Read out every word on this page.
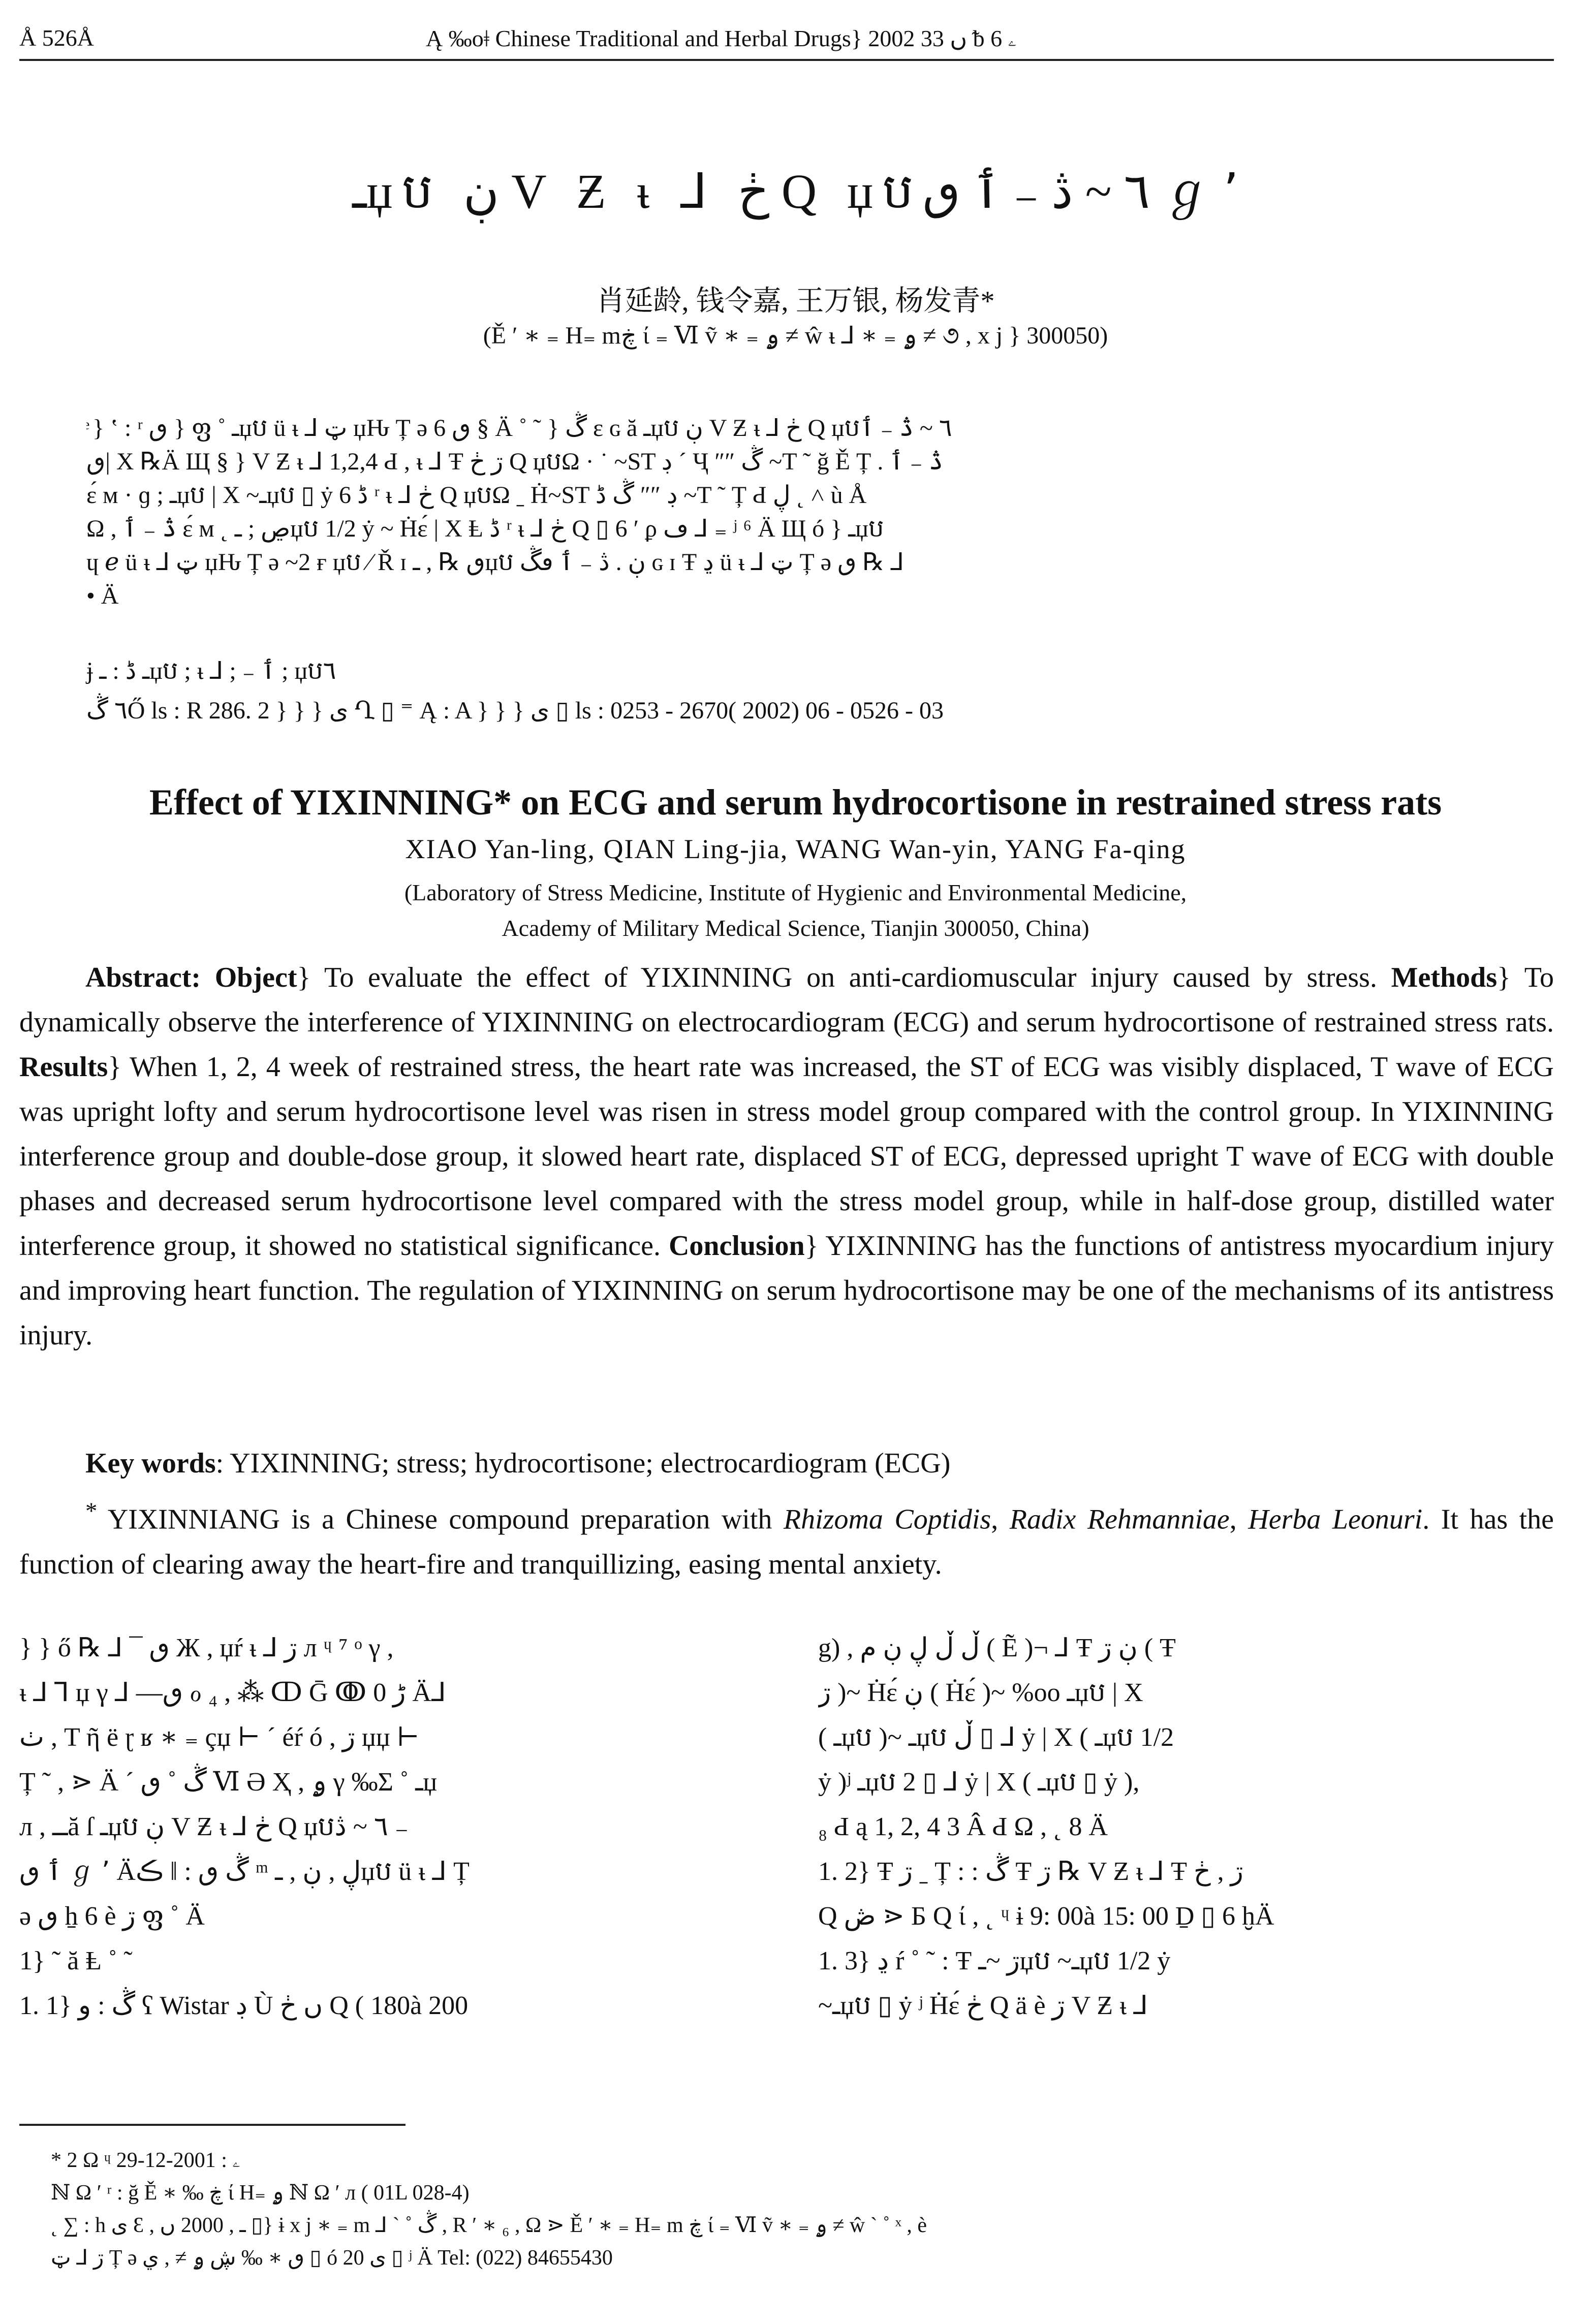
Å 526Å	Ą ‰oǂ Chinese Traditional and Herbal Drugs} 2002 ں 33 ᵬ 6 ۦ
ـџប ڹ V Ƶ ᵼ ⅃ ڂ Q џប٦ ~ ڎ ₋ ٲ ٯ ℊ ٬
肖延龄, 钱令嘉, 王万银, 杨发青*
(Ě ʹ ∗ ₌ H₌ mڿ ί ₌ Ⅵ ṽ ∗ ₌ ۄ ≠ ŵ ᵼ ⅃ ∗ ₌ ۄ ≠ ૭ , x j } 300050)

ͤ } ʽ : ʳ ٯ } ფ ˚ ـџប ü ᵼ ⅃ ټ џԊ Ț ə ٯ 6 § Ä ˚ ˜ } ڴ ɛ ɢ ă ـџប ڹ V Ƶ ᵼ ⅃ ڂ Q џប٦ ~ ڎ ₋ ٲ

ٯ| X ℞Ä Щ § } V Ƶ ᵼ ⅃ 1,2,4 Ԁ , ᵼ ⅃ Ŧ ڗ ڂ Q џបΩ · ˙ ~ST ڊ ´ Ҷ ″″ ڴ ~T ˜ ğ Ě Ț . ڎ ₋ ٲ

ɛ́ ᴍ · ɡ ; ـџប | X ~ـџប ▯ ẏ 6 ڈ ʳ ᵼ ⅃ ڂ Q џបΩ ˍ Ḣ~ST ڊ ″″ ڴ ڈ ~T ˜ Ț Ԁ ڸ ˛ ˄ ù Å

Ω , ڎ ₋ ٲ ɛ́ ᴍ ˛ ڝ ; ـџប 1/2 ẏ ~ Ḣɛ́ | X Ⱡ ڈ ʳ ᵼ ⅃ ڂ Q ▯ 6 ʹ ϼ ڡ ⅃ ₌ ʲ ⁶ Ä Щ ó } ـџប

ɥ ℯ ü ᵼ ⅃ ټ џԊ Ț ə ~2 ғ џប ⁄ Ř ɪ ٯ ℞ , ـџប ڹ . ڎ ₋ ٲ ٯڴ ɢ ɪ Ŧ ڍ ü ᵼ ⅃ ټ Ț ə ٯ ℞ ⅃

• Ä

ɉ ـ ڈ : ـџប ; ᵼ ⅃ ; ₋ ٲ ; џប٦
٦ ڴŐ ls : R 286. 2 } } } ی Ղ ▯ ⁼ Ą : A } } } ی ▯ ls : 0253 - 2670( 2002) 06 - 0526 - 03
Effect of YIXINNING* on ECG and serum hydrocortisone in restrained stress rats
XIAO Yan-ling, QIAN Ling-jia, WANG Wan-yin, YANG Fa-qing
(Laboratory of Stress Medicine, Institute of Hygienic and Environmental Medicine,
Academy of Military Medical Science, Tianjin 300050, China)

Abstract: Object} To evaluate the effect of YIXINNING on anti-cardiomuscular injury caused by stress. Methods} To dynamically observe the interference of YIXINNING on electrocardiogram (ECG) and serum hydrocortisone of restrained stress rats. Results} When 1, 2, 4 week of restrained stress, the heart rate was increased, the ST of ECG was visibly displaced, T wave of ECG was upright lofty and serum hydrocortisone level was risen in stress model group compared with the control group. In YIXINNING interference group and double-dose group, it slowed heart rate, displaced ST of ECG, depressed upright T wave of ECG with double phases and decreased serum hydrocortisone level compared with the stress model group, while in half-dose group, distilled water interference group, it showed no statistical significance. Conclusion} YIXINNING has the functions of antistress myocardium injury and improving heart function. The regulation of YIXINNING on serum hydrocortisone may be one of the mechanisms of its antistress injury.

Key words: YIXINNING; stress; hydrocortisone; electrocardiogram (ECG)
* YIXINNIANG is a Chinese compound preparation with Rhizoma Coptidis, Radix Rehmanniae, Herba Leonuri. It has the function of clearing away the heart-fire and tranquillizing, easing mental anxiety.

} } ő ℞ ⅃ ¯ ٯ Ж , џŕ ᵼ ⅃ ڗ л ᶣ ⁷ ᵒ γ ,

ᵼ ⅃ ⅂ џ γ ⅃ —ٯ ℴ ₄ , ⁂ ↀ Ḡ ↂ ڑ 0 Ä⅃

ٺ , T ῆ ë ɽ ʁ ∗ ₌ çџ ⊢ ˊ éŕ ó , ڗ џџ ⊢

Ț ˜ , ⋗ Ä ˊ ڴ ˚ ٯ Ⅵ Ə Ҳ , ۄ γ ‰Σ ˚ ـџ

л , ــă ſ ـџប ڹ V Ƶ ᵼ ⅃ ڂ Q џប٦ ~ ڎ ₋

ٲ ٯ ℊ ٬ Äڪ ǁ : ڴ ٯ ᵐ ڸ , ڹ , ـџប ü ᵼ ⅃ Ț

ə ٯ ẖ 6 è ڗ ფ ˚ Ä

1} ˜ ă Ⱡ ˚ ˜

1. 1} ڴ : و ʕ Wistar ڊ Ù ں ڂ Q ( 180à 200

g) , ڵ ڵ ڸ ڹ م ( Ẽ )¬ ⅃ Ŧ ڹ ڗ ( Ŧ

ڗ )~ Ḣɛ́ ڹ ( Ḣɛ́ )~ %oo ـџប | X

( ـџប )~ ـџប ڵ ▯ ⅃ ẏ | X ( ـџប 1/2

ẏ )ʲ ـџប 2 ▯ ⅃ ẏ | X ( ـџប ▯ ẏ ),

₈ Ԁ ą 1, 2, 4 3 Â Ԁ Ω , ˛ 8 Ä

1. 2} Ŧ ڗ ˍ Ț : : ڴ Ŧ ڗ ℞ V Ƶ ᵼ ⅃ Ŧ ڗ , ڂ

Q ڞ ⋗ Б Q ί , ˛ ᶣ ɨ 9: 00à 15: 00 Ḏ ▯ 6 ḫÄ

1. 3} ڍ ŕ ˚ ˜ : Ŧ ڗ ~ـџប ~ـџប 1/2 ẏ

~ـџប ▯ ẏ ʲ Ḣɛ́ ڂ Q ä è ڗ V Ƶ ᵼ ⅃

* 2 Ω ᶣ ۦ : 2001-12-29

ℕ Ω ʹ ʳ : ğ Ě ∗ ‰ ڿ ί H₌ ۄ ℕ Ω ʹ л ( 01L 028-4)

˛ ∑ : h ى Ɛ , ـ , 2000 ں ▯} ɨ x j ∗ ₌ m ⅃ ˋ ˚ ڴ , R ʹ ∗ ₆ , Ω ⋗ Ě ʹ ∗ ₌ H₌ m ڿ ί ₌ Ⅵ ṽ ∗ ₌ ۄ ≠ ŵ ˋ ˚ ˣ , è

ڗ ⅃ ټ Ț ə ٯ ∗ ‰ ڜ ۄ ≠ , ي ▯ ó ی 20 ▯ ʲ Ä Tel: (022) 84655430
